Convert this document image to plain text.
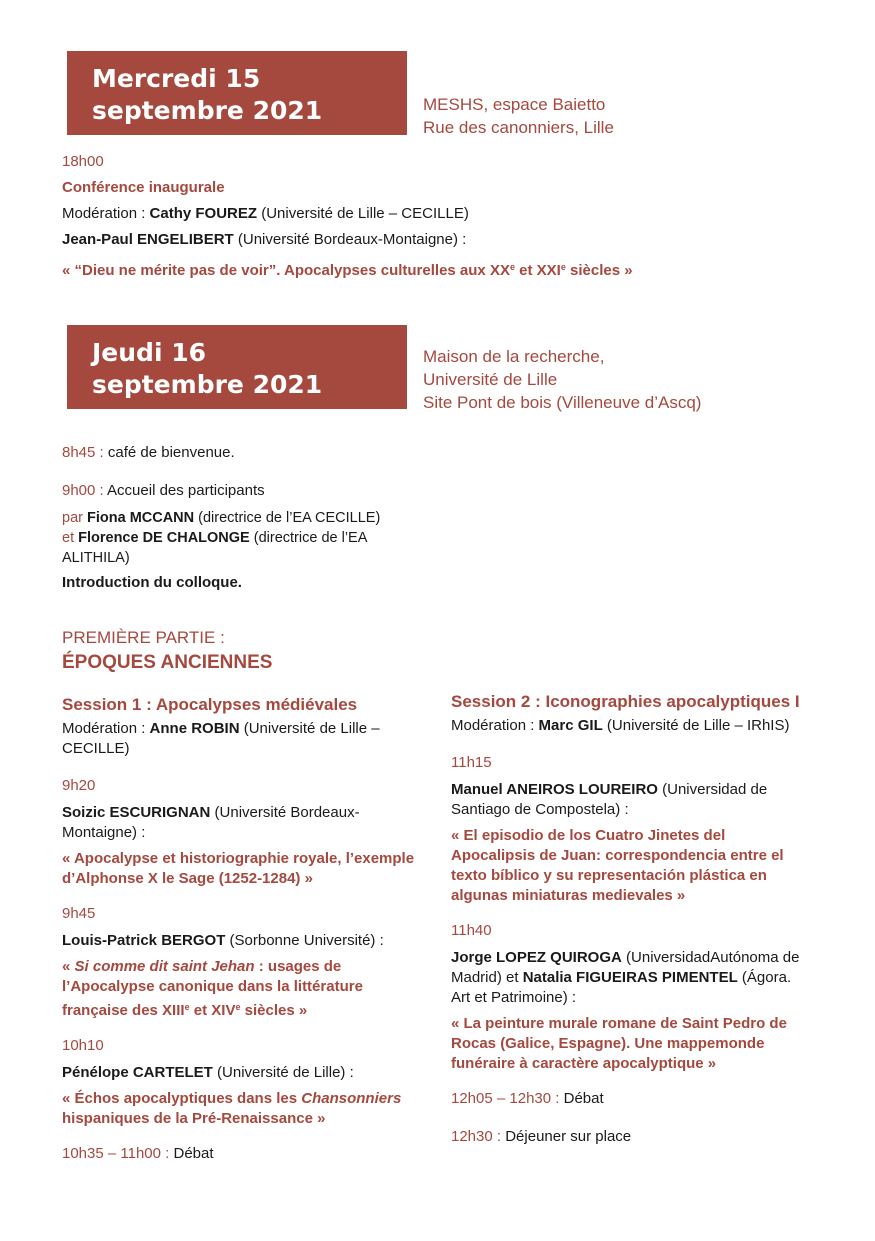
Mercredi 15
septembre 2021	MESHS, espace Baietto
Rue des canonniers, Lille
18h00
Conférence inaugurale
Modération : Cathy FOUREZ (Université de Lille – CECILLE)
Jean-Paul ENGELIBERT (Université Bordeaux-Montaigne) :
« “Dieu ne mérite pas de voir”. Apocalypses culturelles aux XXe et XXIe siècles »
Jeudi 16
septembre 2021
Maison de la recherche,
Université de Lille
Site Pont de bois (Villeneuve d’Ascq)
8h45 : café de bienvenue.
9h00 : Accueil des participants
par Fiona MCCANN (directrice de l’EA CECILLE)
et Florence DE CHALONGE (directrice de l’EA ALITHILA)
Introduction du colloque.
PREMIÈRE PARTIE :
ÉPOQUES ANCIENNES
Session 1 : Apocalypses médiévales
Modération : Anne ROBIN (Université de Lille – CECILLE)
9h20
Soizic ESCURIGNAN (Université Bordeaux-Montaigne) :
« Apocalypse et historiographie royale, l’exemple d’Alphonse X le Sage (1252-1284) »
9h45
Louis-Patrick BERGOT (Sorbonne Université) :
« Si comme dit saint Jehan : usages de l’Apocalypse canonique dans la littérature française des XIIIe et XIVe siècles »
10h10
Pénélope CARTELET (Université de Lille) :
« Échos apocalyptiques dans les Chansonniers hispaniques de la Pré-Renaissance »
10h35 – 11h00 : Débat
Session 2 : Iconographies apocalyptiques I
Modération : Marc GIL (Université de Lille – IRhIS)
11h15
Manuel ANEIROS LOUREIRO (Universidad de Santiago de Compostela) :
« El episodio de los Cuatro Jinetes del Apocalipsis de Juan: correspondencia entre el texto bíblico y su representación plástica en algunas miniaturas medievales »
11h40
Jorge LOPEZ QUIROGA (UniversidadAutónoma de Madrid) et Natalia FIGUEIRAS PIMENTEL (Ágora. Art et Patrimoine) :
« La peinture murale romane de Saint Pedro de Rocas (Galice, Espagne). Une mappemonde funéraire à caractère apocalyptique »
12h05 – 12h30 : Débat
12h30 : Déjeuner sur place
